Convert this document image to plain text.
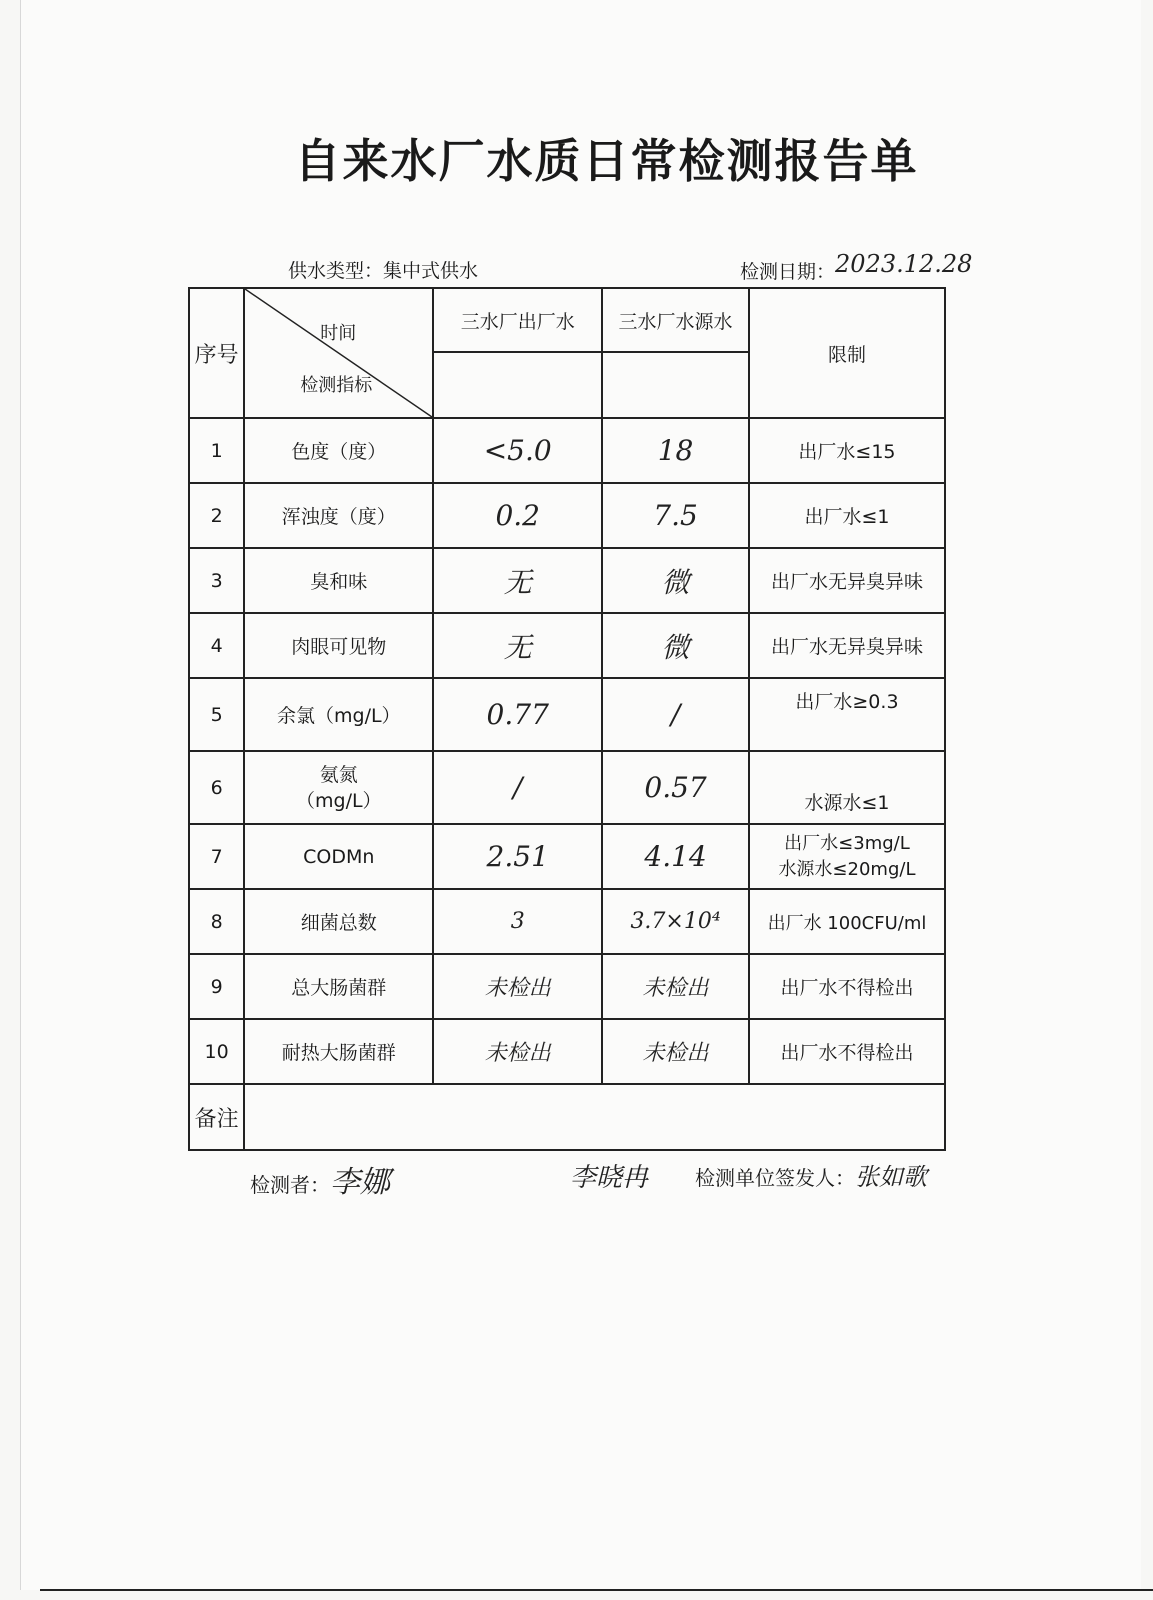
自来水厂水质日常检测报告单
供水类型：集中式供水	检测日期：2023.12.28
序号	时间
检测指标	三水厂出厂水	三水厂水源水	限制

1	色度（度）	<5.0	18	出厂水≤15
2	浑浊度（度）	0.2	7.5	出厂水≤1
3	臭和味	无	微	出厂水无异臭异味
4	肉眼可见物	无	微	出厂水无异臭异味
5	余氯（mg/L）	0.77	/	出厂水≥0.3
6	氨氮
（mg/L）	/	0.57	水源水≤1
7	CODMn	2.51	4.14	出厂水≤3mg/L
水源水≤20mg/L

8	细菌总数	3	3.7×10⁴	出厂水 100CFU/ml
9	总大肠菌群	未检出	未检出	出厂水不得检出
10	耐热大肠菌群	未检出	未检出	出厂水不得检出
备注				
检测者：李娜	李晓冉 检测单位签发人：张如歌
